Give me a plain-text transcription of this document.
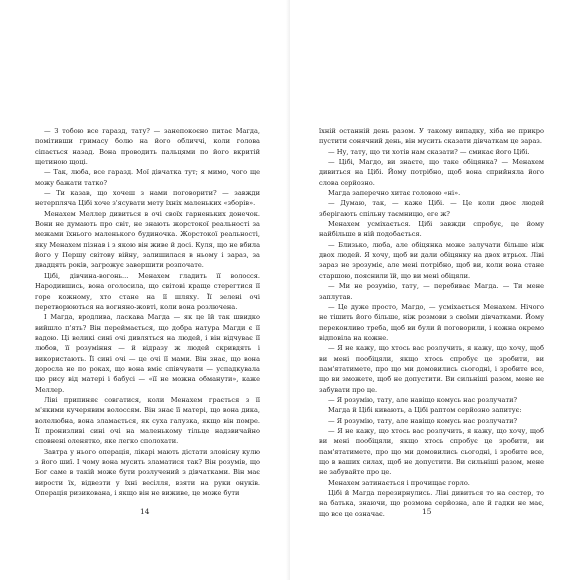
— З тобою все гаразд, тату? — занепокоєно питає Магда, помітивши гримасу болю на його обличчі, коли голова сіпається назад. Вона проводить пальцями по його вкритій щетиною щоці.

— Так, люба, все гаразд. Мої дівчатка тут; я мимо, чого ще можу бажати татко?

— Ти казав, що хочеш з нами поговорити? — завжди нетерпляча Цібі хоче з'ясувати мету їхніх маленьких «зборів».

Менахем Меллер дивиться в очі своїх гарненьких донечок. Вони не думають про світ, не знають жорстокої реальності за межами їхнього маленького будиночка. Жорстокої реальності, яку Менахем пізнав і з якою він живе й досі. Куля, що не вбила його у Першу світову війну, залишилася в ньому і зараз, за двадцять років, загрожує завершити розпочате.

Цібі, дівчина-вогонь... Менахем гладить її волосся. Народившись, вона оголосила, що світові краще стерегтися її горе кожному, хто стане на її шляху. Її зелені очі перетворюються на вогняно-жовті, коли вона розлючена.

І Магда, вродлива, ласкава Магда — як це їй так швидко вийшло п'ять? Він переймається, що добра натура Магди є її вадою. Ці великі сині очі дивляться на людей, і він відчуває її любов, її розуміння — й відразу ж людей скривдять і використають. Її сині очі — це очі її мами. Він знає, що вона доросла не по роках, що вона вміє співчувати — успадкувала цю рису від матері і бабусі — «її не можна обманути», каже Меллер.

Ліві припиняє совгатися, коли Менахем грається з її м'якими кучерявим волоссям. Він знає її матері, що вона дика, волелюбна, вона зламається, як суха галузка, якщо він помре. Її пронизливі сині очі на маленькому тільце надзвичайно сповнені оленятко, яке легко сполохати.

Завтра у нього операція, лікарі мають дістати зловісну кулю з його шиї. І чому вона мусить зламатися так? Він розумів, що Бог саме в такій може бути розлучений з дівчатками. Він має вирости їх, відвезти у їхні весілля, взяти на руки онуків. Операція ризикована, і якщо він не виживе, це може бути

14

їхній останній день разом. У такому випадку, хіба не прикро пустити сонячний день, він мусить сказати дівчаткам це зараз.

— Ну, тату, що ти хотів нам сказати? — смикає його Цібі.

— Цібі, Магдо, ви знаєте, що таке обіцянка? — Менахем дивиться на Цібі. Йому потрібно, щоб вона сприйняла його слова серйозно.

Магда заперечно хитає головою «ні».

— Думаю, так, — каже Цібі. — Це коли двоє людей зберігають спільну таємницю, еге ж?

Менахем усміхається. Цібі завжди спробує, це йому найбільше в ній подобається.

— Близько, люба, але обіцянка може залучати більше ніж двох людей. Я хочу, щоб ви дали обіцянку на двох втрьох. Ліві зараз не зрозуміє, але мені потрібно, щоб ви, коли вона стане старшою, пояснили їй, що ви мені обіцяли.

— Ми не розумію, тату, — перебиває Магда. — Ти мене заплутав.

— Це дуже просто, Магдо, — усміхається Менахем. Нічого не тішить його більше, ніж розмови з своїми дівчатками. Йому переконливо треба, щоб ви були й поговорили, і кожна окремо відповіла на кожне.

— Я не кажу, що хтось вас розлучить, я кажу, що хочу, щоб ви мені пообіцяли, якщо хтось спробує це зробити, ви пам'ятатимете, про що ми домовились сьогодні, і зробите все, що ви зможете, щоб не допустити. Ви сильніші разом, мене не забувати про це.

— Я розумію, тату, але навіщо комусь нас розлучати?

Магда й Цібі кивають, а Цібі раптом серйозно запитує:

— Я розумію, тату, але навіщо комусь нас розлучати?

— Я не кажу, що хтось вас розлучить, я кажу, що хочу, щоб ви мені пообіцяли, якщо хтось спробує це зробити, ви пам'ятатимете, про що ми домовились сьогодні, і зробите все, що в ваших силах, щоб не допустити. Ви сильніші разом, мене не забувайте про це.

Менахем затинається і прочищає горло.

Цібі й Магда перезирнулись. Ліві дивиться то на сестер, то на батька, знаючи, що розмова серйозна, але й гадки не має, що все це означає.	15
